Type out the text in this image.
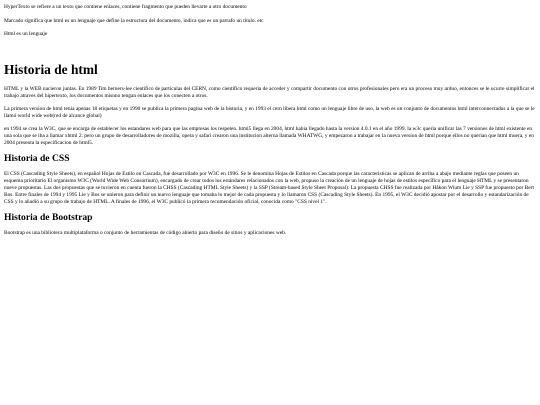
HyperTexto se refiere a un texto que contiene enlaces, contiene fragmento que pueden llevarte a otro documento

Marcado significa que html es un lenguaje que define la estructura del documento, indica que es un parrafo un titulo. etc

Html es un lenguaje

Historia de html

HTML y la WEB nacieron juntas. En 1989 Tim berners-lee cientifico de particulas del CERN, como cientifico requeria de acceder y compartir documento con otros profesionales pero era un proceso muy arduo, entonces se le ocurre simplificar el trabajo atraves del hipertexto, los documentos misnno tengan enlaces que los conecten a otros.

La primera version de html tenia apenas 18 etiquetas y en 1990 se publica la primera pagina web de la historia, y en 1993 el cern libera html como un lenguaje libre de uso, la web es un conjunto de documentos html interconnectados a la que se le llamó world wide web(red de alcance global)

en 1994 se crea la W3C, que se encarga de establecer los estandares web para que las empresas los respeten. html5 llega en 2004, html habia llegado hasta la version 4.0.1 en el año 1999. la w3c queria unificar las 7 versiones de html existente en una sola que se iba a llamar xhtml 2. pero un grupo de desarrolladores de mozilla, opera y safari crearon una institucion alterna llamada WHATWG, y empezaron a trabajar en la nueva version de html porque ellos no querian que html muera, y en 2004 presenta la especificacion de html5.

Historia de CSS

El CSS (Cascading Style Sheets), en español Hojas de Estilo en Cascada, fue desarrollado por W3C en 1996. Se le denomina Hojas de Estilos en Cascada porque las caracteristicas se aplican de arriba a abajo mediante reglas que poseen un esquema prioritario El organismo W3C (World Wide Web Consortium), encargado de crear todos los estándares relacionados con la web, propuso la creación de un lenguaje de hojas de estilos específico para el lenguaje HTML y se presentaron nueve propuestas. Las dos propuestas que se tuvieron en cuenta fueron la CHSS (Cascading HTML Style Sheets) y la SSP (Stream-based Style Sheet Proposal). La propuesta CHSS fue realizada por Håkon Wium Lie y SSP fue propuesto por Bert Bos. Entre finales de 1994 y 1995 Lie y Bos se unieron para definir un nuevo lenguaje que tomaba lo mejor de cada propuesta y lo llamaron CSS (Cascading Style Sheets). En 1995, el W3C decidió apostar por el desarrollo y estandarización de CSS y lo añadió a su grupo de trabajo de HTML. A finales de 1996, el W3C publicó la primera recomendación oficial, conocida como "CSS nivel 1".

Historia de Bootstrap

Bootstrap es una biblioteca multiplataforma o conjunto de herramientas de código abierto para diseño de sitios y aplicaciones web.
